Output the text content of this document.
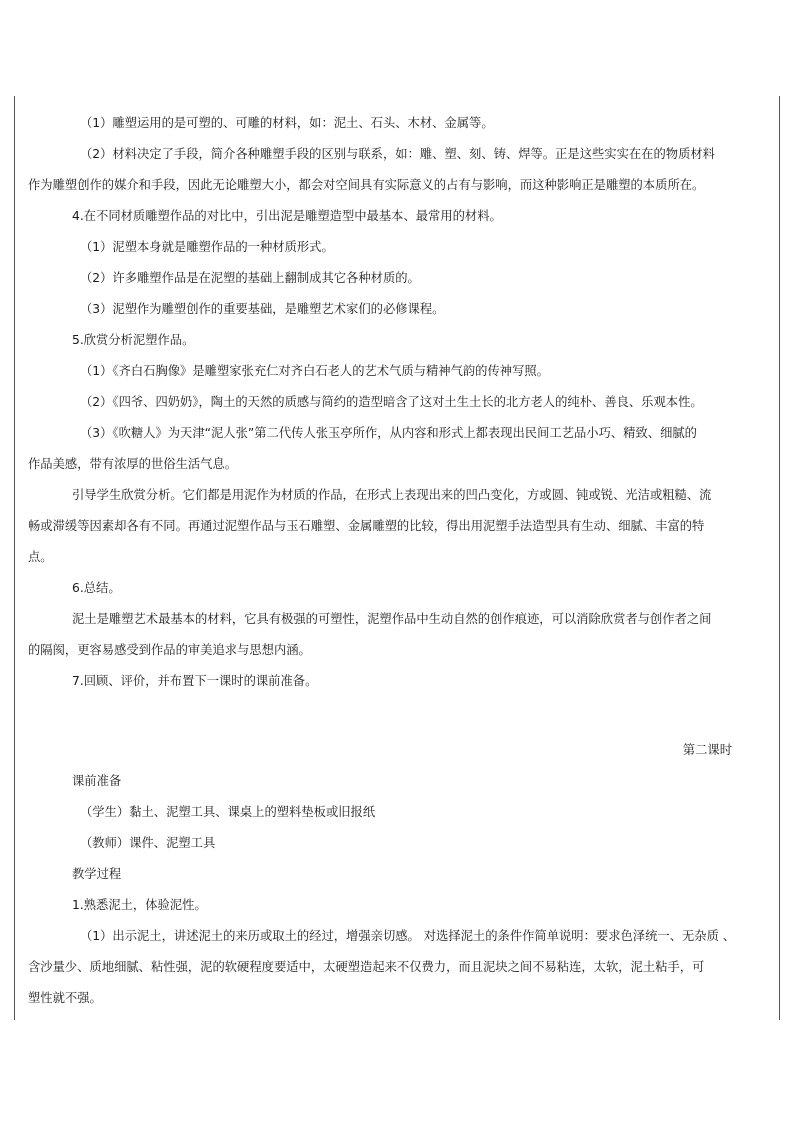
（1）雕塑运用的是可塑的、可雕的材料，如：泥土、石头、木材、金属等。

（2）材料决定了手段，简介各种雕塑手段的区别与联系，如：雕、塑、刻、铸、焊等。正是这些实实在在的物质材料

作为雕塑创作的媒介和手段，因此无论雕塑大小，都会对空间具有实际意义的占有与影响，而这种影响正是雕塑的本质所在。

4.在不同材质雕塑作品的对比中，引出泥是雕塑造型中最基本、最常用的材料。

（1）泥塑本身就是雕塑作品的一种材质形式。

（2）许多雕塑作品是在泥塑的基础上翻制成其它各种材质的。

（3）泥塑作为雕塑创作的重要基础，是雕塑艺术家们的必修课程。

5.欣赏分析泥塑作品。

（1）《齐白石胸像》是雕塑家张充仁对齐白石老人的艺术气质与精神气韵的传神写照。

（2）《四爷、四奶奶》，陶土的天然的质感与简约的造型暗含了这对土生土长的北方老人的纯朴、善良、乐观本性。

（3）《吹糖人》为天津“泥人张”第二代传人张玉亭所作，从内容和形式上都表现出民间工艺品小巧、精致、细腻的

作品美感，带有浓厚的世俗生活气息。

引导学生欣赏分析。它们都是用泥作为材质的作品，在形式上表现出来的凹凸变化，方或圆、钝或锐、光洁或粗糙、流

畅或滞缓等因素却各有不同。再通过泥塑作品与玉石雕塑、金属雕塑的比较，得出用泥塑手法造型具有生动、细腻、丰富的特

点。

6.总结。

泥土是雕塑艺术最基本的材料，它具有极强的可塑性，泥塑作品中生动自然的创作痕迹，可以消除欣赏者与创作者之间

的隔阂，更容易感受到作品的审美追求与思想内涵。

7.回顾、评价，并布置下一课时的课前准备。

第二课时

课前准备

（学生）黏土、泥塑工具、课桌上的塑料垫板或旧报纸

（教师）课件、泥塑工具

教学过程

1.熟悉泥土，体验泥性。

（1）出示泥土，讲述泥土的来历或取土的经过，增强亲切感。 对选择泥土的条件作简单说明：要求色泽统一、无杂质 、

含沙量少、质地细腻、粘性强，泥的软硬程度要适中，太硬塑造起来不仅费力，而且泥块之间不易粘连，太软，泥土粘手，可

塑性就不强。
